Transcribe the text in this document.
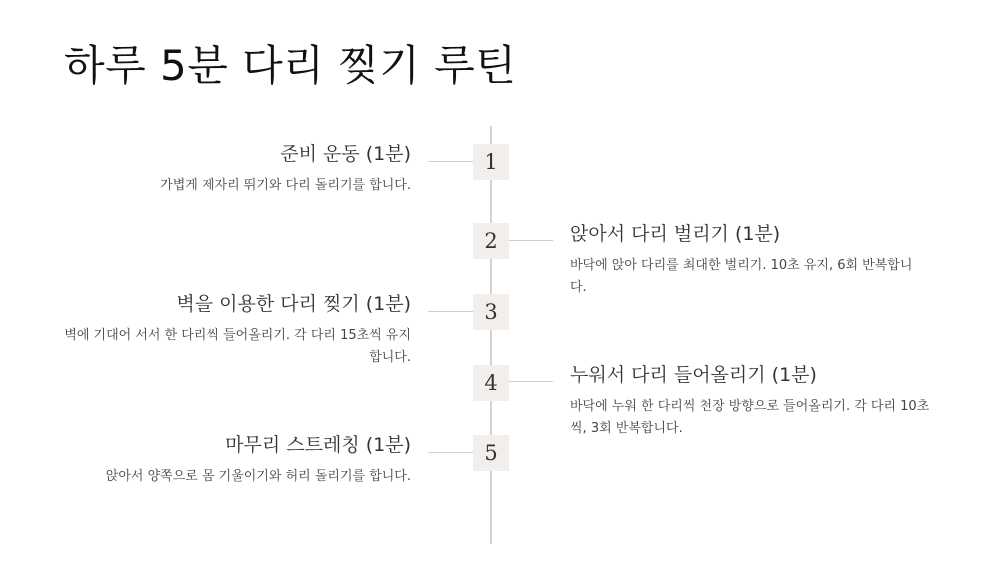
하루 5분 다리 찢기 루틴
1

준비 운동 (1분)

가볍게 제자리 뛰기와 다리 돌리기를 합니다.

2	앉아서 다리 벌리기 (1분)

바닥에 앉아 다리를 최대한 벌리기. 10초 유지, 6회 반복합니다.

3

벽을 이용한 다리 찢기 (1분)

벽에 기대어 서서 한 다리씩 들어올리기. 각 다리 15초씩 유지합니다.

4	누워서 다리 들어올리기 (1분)

바닥에 누워 한 다리씩 천장 방향으로 들어올리기. 각 다리 10초씩, 3회 반복합니다.

5

마무리 스트레칭 (1분)

앉아서 양쪽으로 몸 기울이기와 허리 돌리기를 합니다.
